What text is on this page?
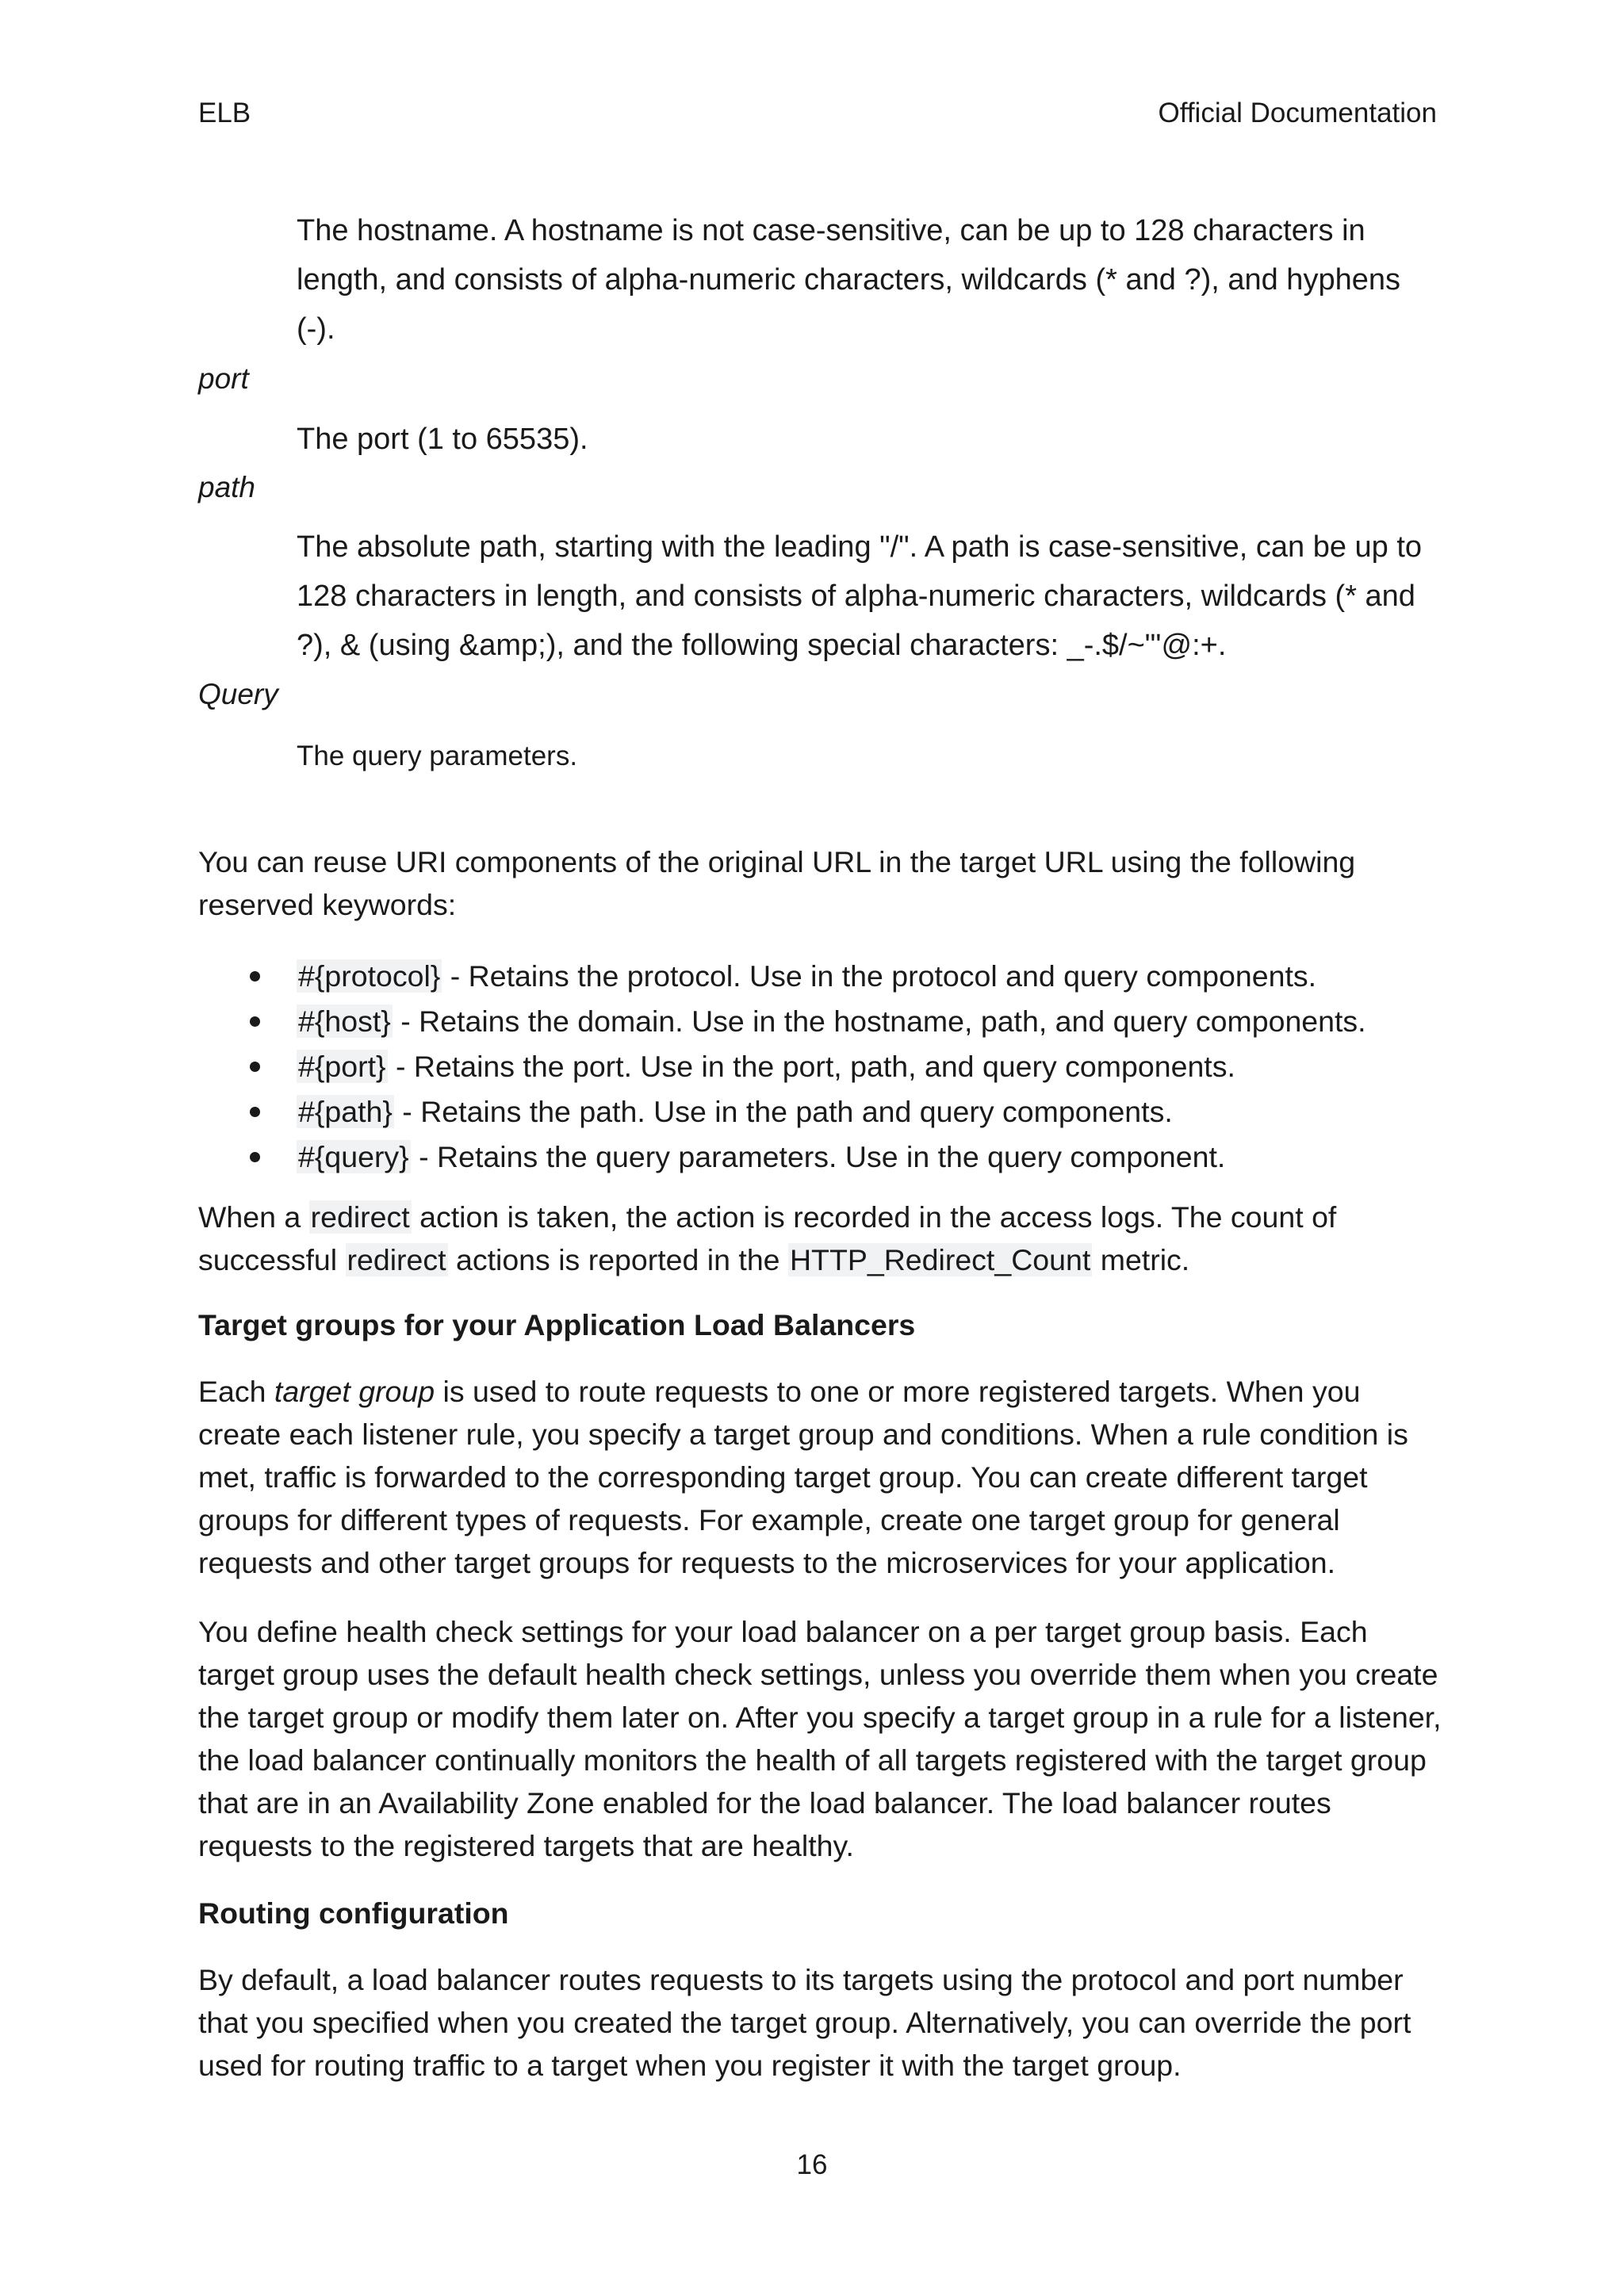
ELB	Official Documentation
The hostname. A hostname is not case-sensitive, can be up to 128 characters in length, and consists of alpha-numeric characters, wildcards (* and ?), and hyphens (-).
port
The port (1 to 65535).
path
The absolute path, starting with the leading "/". A path is case-sensitive, can be up to 128 characters in length, and consists of alpha-numeric characters, wildcards (* and ?), & (using &amp;), and the following special characters: _-.$/~"'@:+.
Query
The query parameters.
You can reuse URI components of the original URL in the target URL using the following reserved keywords:
#{protocol} - Retains the protocol. Use in the protocol and query components.
#{host} - Retains the domain. Use in the hostname, path, and query components.
#{port} - Retains the port. Use in the port, path, and query components.
#{path} - Retains the path. Use in the path and query components.
#{query} - Retains the query parameters. Use in the query component.
When a redirect action is taken, the action is recorded in the access logs. The count of successful redirect actions is reported in the HTTP_Redirect_Count metric.
Target groups for your Application Load Balancers
Each target group is used to route requests to one or more registered targets. When you create each listener rule, you specify a target group and conditions. When a rule condition is met, traffic is forwarded to the corresponding target group. You can create different target groups for different types of requests. For example, create one target group for general requests and other target groups for requests to the microservices for your application.
You define health check settings for your load balancer on a per target group basis. Each target group uses the default health check settings, unless you override them when you create the target group or modify them later on. After you specify a target group in a rule for a listener, the load balancer continually monitors the health of all targets registered with the target group that are in an Availability Zone enabled for the load balancer. The load balancer routes requests to the registered targets that are healthy.
Routing configuration
By default, a load balancer routes requests to its targets using the protocol and port number that you specified when you created the target group. Alternatively, you can override the port used for routing traffic to a target when you register it with the target group.
16
